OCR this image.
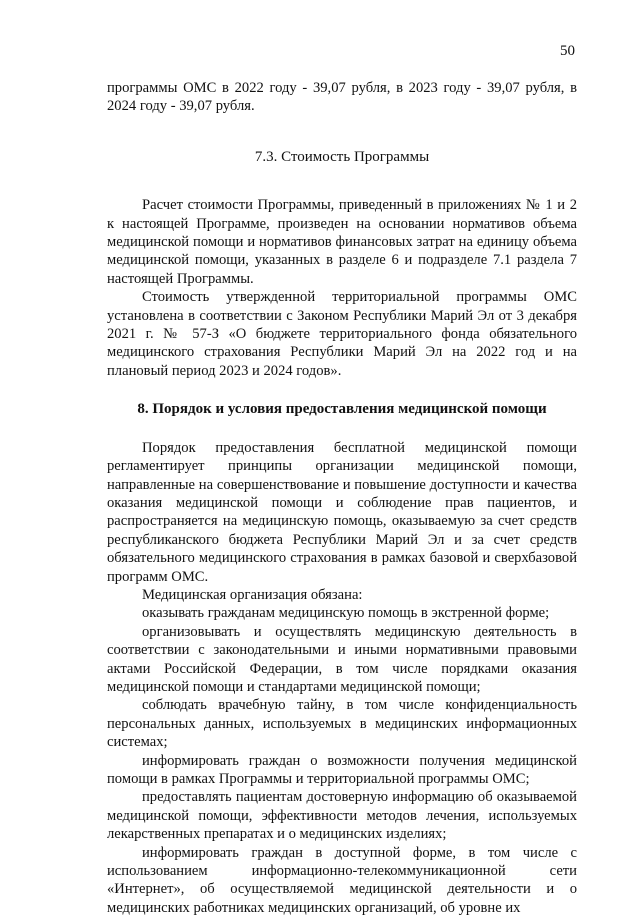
50

программы ОМС в 2022 году - 39,07 рубля, в 2023 году - 39,07 рубля, в 2024 году - 39,07 рубля.

7.3. Стоимость Программы

Расчет стоимости Программы, приведенный в приложениях № 1 и 2 к настоящей Программе, произведен на основании нормативов объема медицинской помощи и нормативов финансовых затрат на единицу объема медицинской помощи, указанных в разделе 6 и подразделе 7.1 раздела 7 настоящей Программы.

Стоимость утвержденной территориальной программы ОМС установлена в соответствии с Законом Республики Марий Эл от 3 декабря 2021 г. № 57-З «О бюджете территориального фонда обязательного медицинского страхования Республики Марий Эл на 2022 год и на плановый период 2023 и 2024 годов».

8. Порядок и условия предоставления медицинской помощи

Порядок предоставления бесплатной медицинской помощи регламентирует принципы организации медицинской помощи, направленные на совершенствование и повышение доступности и качества оказания медицинской помощи и соблюдение прав пациентов, и распространяется на медицинскую помощь, оказываемую за счет средств республиканского бюджета Республики Марий Эл и за счет средств обязательного медицинского страхования в рамках базовой и сверхбазовой программ ОМС.

Медицинская организация обязана:

оказывать гражданам медицинскую помощь в экстренной форме;

организовывать и осуществлять медицинскую деятельность в соответствии с законодательными и иными нормативными правовыми актами Российской Федерации, в том числе порядками оказания медицинской помощи и стандартами медицинской помощи;

соблюдать врачебную тайну, в том числе конфиденциальность персональных данных, используемых в медицинских информационных системах;

информировать граждан о возможности получения медицинской помощи в рамках Программы и территориальной программы ОМС;

предоставлять пациентам достоверную информацию об оказываемой медицинской помощи, эффективности методов лечения, используемых лекарственных препаратах и о медицинских изделиях;

информировать граждан в доступной форме, в том числе с использованием информационно-телекоммуникационной сети «Интернет», об осуществляемой медицинской деятельности и о медицинских работниках медицинских организаций, об уровне их
